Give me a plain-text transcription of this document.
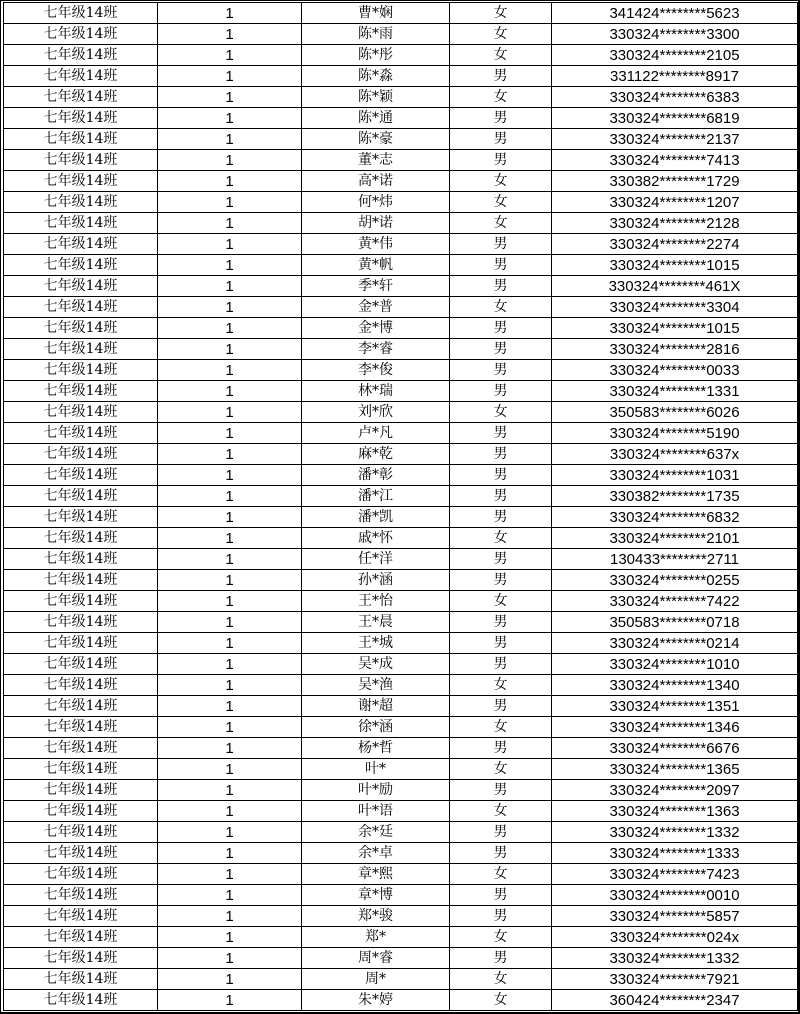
七年级14班	1	曹*娴	女	341424********5623
七年级14班	1	陈*雨	女	330324********3300
七年级14班	1	陈*彤	女	330324********2105
七年级14班	1	陈*淼	男	331122********8917
七年级14班	1	陈*颖	女	330324********6383
七年级14班	1	陈*通	男	330324********6819
七年级14班	1	陈*豪	男	330324********2137
七年级14班	1	董*志	男	330324********7413
七年级14班	1	高*诺	女	330382********1729
七年级14班	1	何*炜	女	330324********1207
七年级14班	1	胡*诺	女	330324********2128
七年级14班	1	黄*伟	男	330324********2274
七年级14班	1	黄*帆	男	330324********1015
七年级14班	1	季*轩	男	330324********461X
七年级14班	1	金*普	女	330324********3304
七年级14班	1	金*博	男	330324********1015
七年级14班	1	李*睿	男	330324********2816
七年级14班	1	李*俊	男	330324********0033
七年级14班	1	林*瑞	男	330324********1331
七年级14班	1	刘*欣	女	350583********6026
七年级14班	1	卢*凡	男	330324********5190
七年级14班	1	麻*乾	男	330324********637x
七年级14班	1	潘*彰	男	330324********1031
七年级14班	1	潘*江	男	330382********1735
七年级14班	1	潘*凯	男	330324********6832
七年级14班	1	戚*怀	女	330324********2101
七年级14班	1	任*洋	男	130433********2711
七年级14班	1	孙*涵	男	330324********0255
七年级14班	1	王*怡	女	330324********7422
七年级14班	1	王*晨	男	350583********0718
七年级14班	1	王*城	男	330324********0214
七年级14班	1	吴*成	男	330324********1010
七年级14班	1	吴*渔	女	330324********1340
七年级14班	1	谢*超	男	330324********1351
七年级14班	1	徐*涵	女	330324********1346
七年级14班	1	杨*哲	男	330324********6676
七年级14班	1	叶*	女	330324********1365
七年级14班	1	叶*励	男	330324********2097
七年级14班	1	叶*语	女	330324********1363
七年级14班	1	余*廷	男	330324********1332
七年级14班	1	余*卓	男	330324********1333
七年级14班	1	章*熙	女	330324********7423
七年级14班	1	章*博	男	330324********0010
七年级14班	1	郑*骏	男	330324********5857
七年级14班	1	郑*	女	330324********024x
七年级14班	1	周*睿	男	330324********1332
七年级14班	1	周*	女	330324********7921
七年级14班	1	朱*婷	女	360424********2347
